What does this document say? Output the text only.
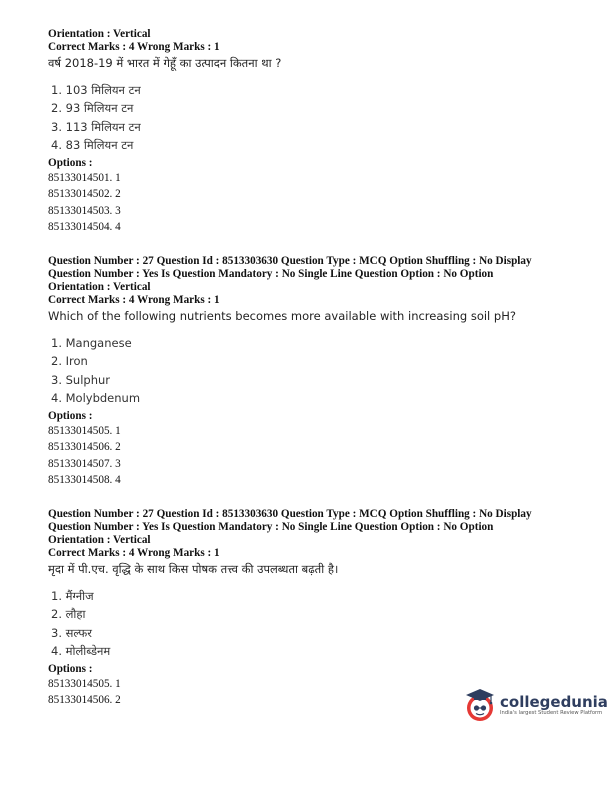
Orientation : Vertical

Correct Marks : 4 Wrong Marks : 1

वर्ष 2018-19 में भारत में गेहूँ का उत्पादन कितना था ?

1. 103 मिलियन टन
2. 93 मिलियन टन
3. 113 मिलियन टन
4. 83 मिलियन टन
Options :
85133014501. 1
85133014502. 2
85133014503. 3
85133014504. 4

Question Number : 27 Question Id : 8513303630 Question Type : MCQ Option Shuffling : No Display

Question Number : Yes Is Question Mandatory : No Single Line Question Option : No Option

Orientation : Vertical

Correct Marks : 4 Wrong Marks : 1

Which of the following nutrients becomes more available with increasing soil pH?

1. Manganese
2. Iron
3. Sulphur
4. Molybdenum
Options :
85133014505. 1
85133014506. 2
85133014507. 3
85133014508. 4

Question Number : 27 Question Id : 8513303630 Question Type : MCQ Option Shuffling : No Display

Question Number : Yes Is Question Mandatory : No Single Line Question Option : No Option

Orientation : Vertical

Correct Marks : 4 Wrong Marks : 1

मृदा में पी.एच. वृद्धि के साथ किस पोषक तत्त्व की उपलब्धता बढ़ती है।

1. मैंग्नीज
2. लौहा
3. सल्फर
4. मोलीब्डेनम
Options :
85133014505. 1
85133014506. 2	collegedunia
India's largest Student Review Platform
